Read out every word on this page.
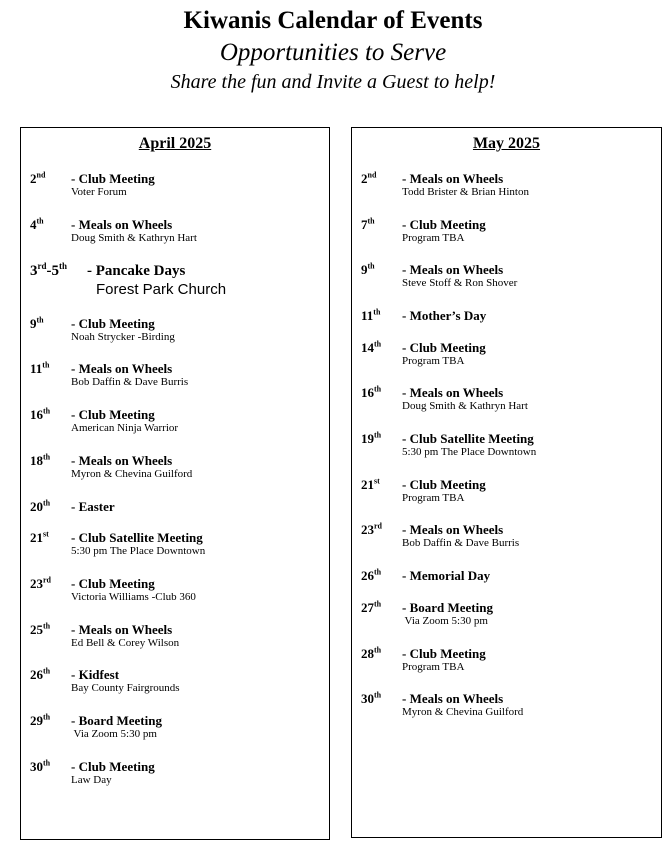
Kiwanis Calendar of Events
Opportunities to Serve
Share the fun and Invite a Guest to help!
April 2025
2nd - Club Meeting
Voter Forum
4th - Meals on Wheels
Doug Smith & Kathryn Hart
3rd-5th - Pancake Days
Forest Park Church
9th - Club Meeting
Noah Strycker -Birding
11th - Meals on Wheels
Bob Daffin & Dave Burris
16th - Club Meeting
American Ninja Warrior
18th - Meals on Wheels
Myron & Chevina Guilford
20th - Easter
21st - Club Satellite Meeting
5:30 pm The Place Downtown
23rd - Club Meeting
Victoria Williams -Club 360
25th - Meals on Wheels
Ed Bell & Corey Wilson
26th - Kidfest
Bay County Fairgrounds
29th - Board Meeting
Via Zoom 5:30 pm
30th - Club Meeting
Law Day
May 2025
2nd - Meals on Wheels
Todd Brister & Brian Hinton
7th - Club Meeting
Program TBA
9th - Meals on Wheels
Steve Stoff & Ron Shover
11th - Mother’s Day
14th - Club Meeting
Program TBA
16th - Meals on Wheels
Doug Smith & Kathryn Hart
19th - Club Satellite Meeting
5:30 pm The Place Downtown
21st - Club Meeting
Program TBA
23rd - Meals on Wheels
Bob Daffin & Dave Burris
26th - Memorial Day
27th - Board Meeting
Via Zoom 5:30 pm
28th - Club Meeting
Program TBA
30th - Meals on Wheels
Myron & Chevina Guilford
